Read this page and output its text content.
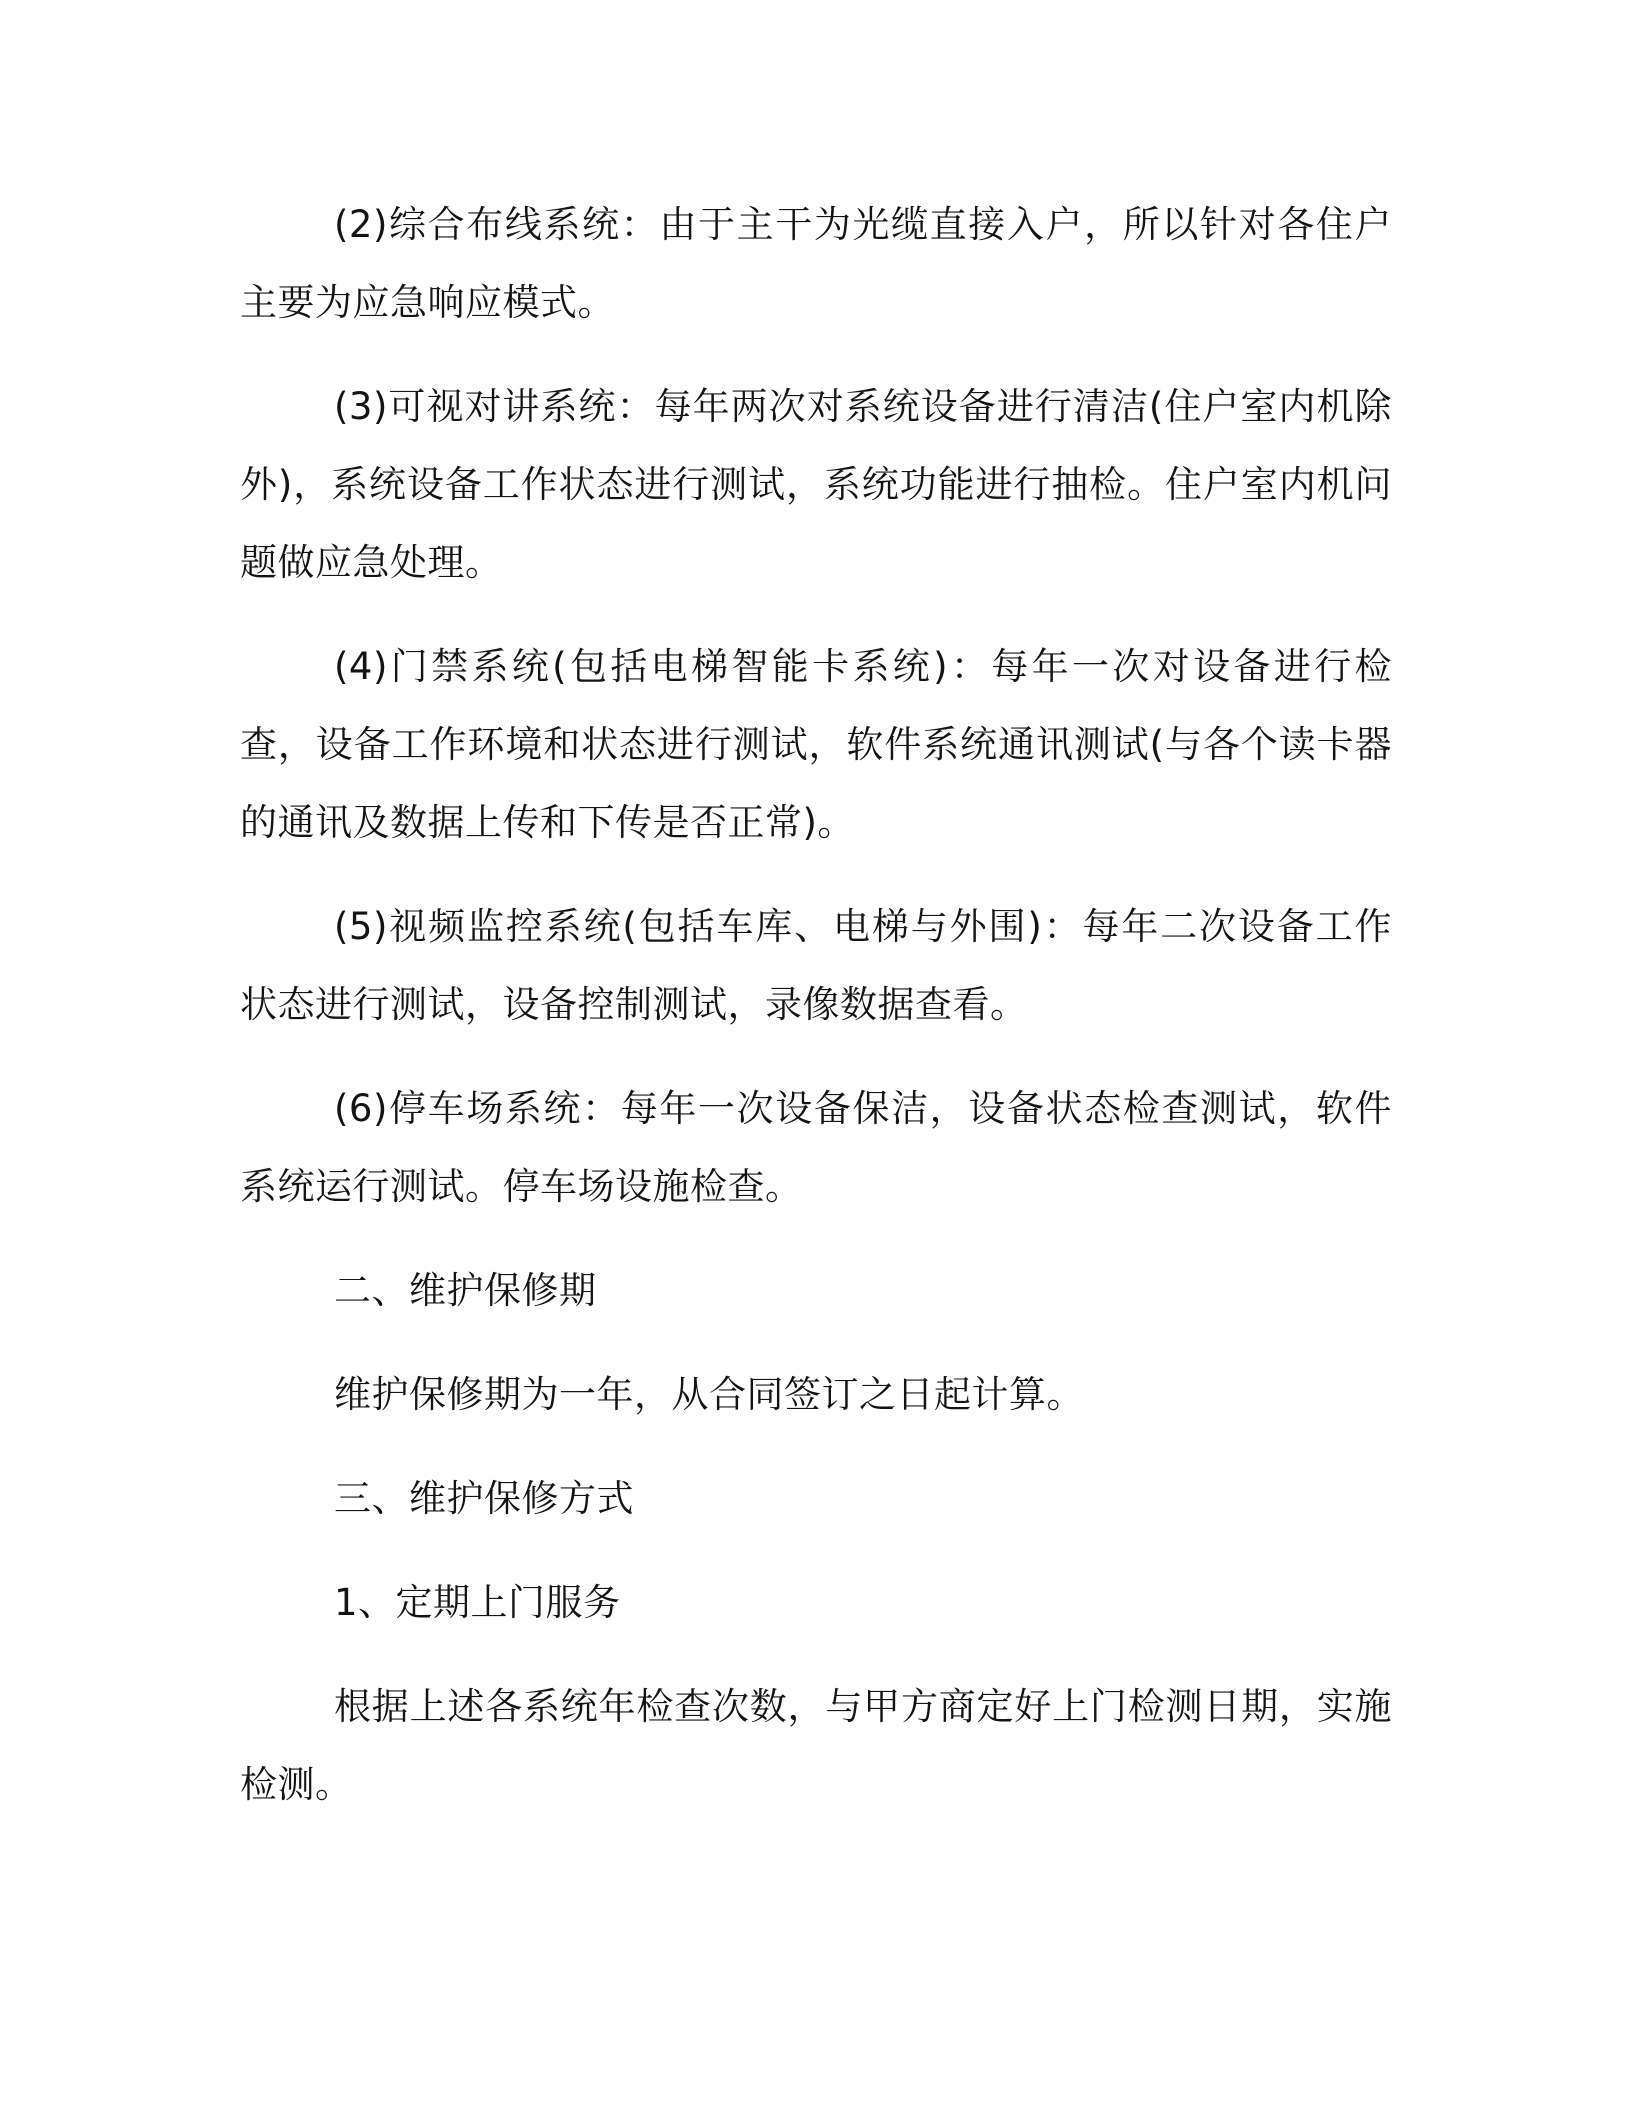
(2)综合布线系统：由于主干为光缆直接入户，所以针对各住户主要为应急响应模式。

(3)可视对讲系统：每年两次对系统设备进行清洁(住户室内机除外)，系统设备工作状态进行测试，系统功能进行抽检。住户室内机问题做应急处理。

(4)门禁系统(包括电梯智能卡系统)：每年一次对设备进行检查，设备工作环境和状态进行测试，软件系统通讯测试(与各个读卡器的通讯及数据上传和下传是否正常)。

(5)视频监控系统(包括车库、电梯与外围)：每年二次设备工作状态进行测试，设备控制测试，录像数据查看。

(6)停车场系统：每年一次设备保洁，设备状态检查测试，软件系统运行测试。停车场设施检查。

二、维护保修期

维护保修期为一年，从合同签订之日起计算。

三、维护保修方式

1、定期上门服务

根据上述各系统年检查次数，与甲方商定好上门检测日期，实施检测。
